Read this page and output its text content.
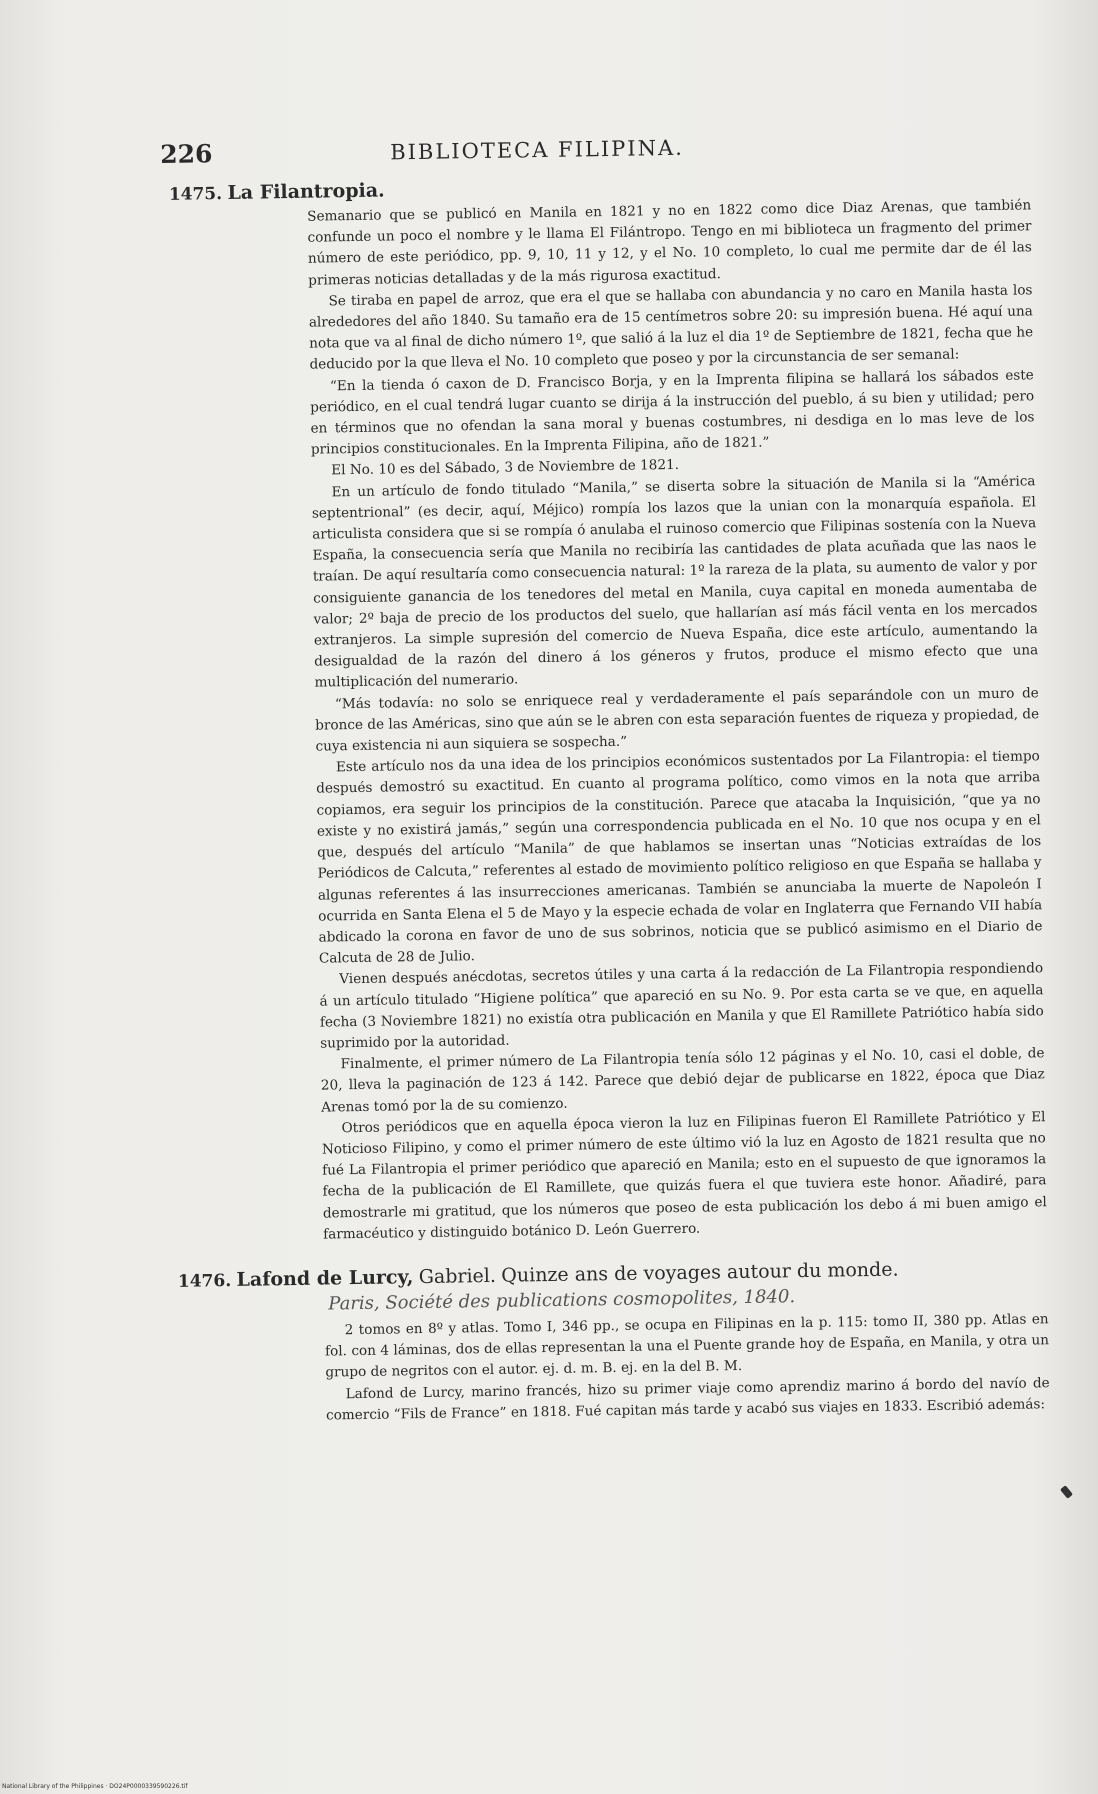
226	BIBLIOTECA FILIPINA.
1475. La Filantropia.

Semanario que se publicó en Manila en 1821 y no en 1822 como dice Diaz Arenas, que también confunde un poco el nombre y le llama El Filántropo. Tengo en mi biblioteca un fragmento del primer número de este periódico, pp. 9, 10, 11 y 12, y el No. 10 completo, lo cual me permite dar de él las primeras noticias detalladas y de la más rigurosa exactitud.

Se tiraba en papel de arroz, que era el que se hallaba con abundancia y no caro en Manila hasta los alrededores del año 1840. Su tamaño era de 15 centímetros sobre 20: su impresión buena. Hé aquí una nota que va al final de dicho número 1º, que salió á la luz el dia 1º de Septiembre de 1821, fecha que he deducido por la que lleva el No. 10 completo que poseo y por la circunstancia de ser semanal:

“En la tienda ó caxon de D. Francisco Borja, y en la Imprenta filipina se hallará los sábados este periódico, en el cual tendrá lugar cuanto se dirija á la instrucción del pueblo, á su bien y utilidad; pero en términos que no ofendan la sana moral y buenas costumbres, ni desdiga en lo mas leve de los principios constitucionales. En la Imprenta Filipina, año de 1821.”

El No. 10 es del Sábado, 3 de Noviembre de 1821.

En un artículo de fondo titulado “Manila,” se diserta sobre la situación de Manila si la “América septentrional” (es decir, aquí, Méjico) rompía los lazos que la unian con la monarquía española. El articulista considera que si se rompía ó anulaba el ruinoso comercio que Filipinas sostenía con la Nueva España, la consecuencia sería que Manila no recibiría las cantidades de plata acuñada que las naos le traían. De aquí resultaría como consecuencia natural: 1º la rareza de la plata, su aumento de valor y por consiguiente ganancia de los tenedores del metal en Manila, cuya capital en moneda aumentaba de valor; 2º baja de precio de los productos del suelo, que hallarían así más fácil venta en los mercados extranjeros. La simple supresión del comercio de Nueva España, dice este artículo, aumentando la desigualdad de la razón del dinero á los géneros y frutos, produce el mismo efecto que una multiplicación del numerario.

“Más todavía: no solo se enriquece real y verdaderamente el país separándole con un muro de bronce de las Américas, sino que aún se le abren con esta separación fuentes de riqueza y propiedad, de cuya existencia ni aun siquiera se sospecha.”

Este artículo nos da una idea de los principios económicos sustentados por La Filantropia: el tiempo después demostró su exactitud. En cuanto al programa político, como vimos en la nota que arriba copiamos, era seguir los principios de la constitución. Parece que atacaba la Inquisición, “que ya no existe y no existirá jamás,” según una correspondencia publicada en el No. 10 que nos ocupa y en el que, después del artículo “Manila” de que hablamos se insertan unas “Noticias extraídas de los Periódicos de Calcuta,” referentes al estado de movimiento político religioso en que España se hallaba y algunas referentes á las insurrecciones americanas. También se anunciaba la muerte de Napoleón I ocurrida en Santa Elena el 5 de Mayo y la especie echada de volar en Inglaterra que Fernando VII había abdicado la corona en favor de uno de sus sobrinos, noticia que se publicó asimismo en el Diario de Calcuta de 28 de Julio.

Vienen después anécdotas, secretos útiles y una carta á la redacción de La Filantropia respondiendo á un artículo titulado “Higiene política” que apareció en su No. 9. Por esta carta se ve que, en aquella fecha (3 Noviembre 1821) no existía otra publicación en Manila y que El Ramillete Patriótico había sido suprimido por la autoridad.

Finalmente, el primer número de La Filantropia tenía sólo 12 páginas y el No. 10, casi el doble, de 20, lleva la paginación de 123 á 142. Parece que debió dejar de publicarse en 1822, época que Diaz Arenas tomó por la de su comienzo.

Otros periódicos que en aquella época vieron la luz en Filipinas fueron El Ramillete Patriótico y El Noticioso Filipino, y como el primer número de este último vió la luz en Agosto de 1821 resulta que no fué La Filantropia el primer periódico que apareció en Manila; esto en el supuesto de que ignoramos la fecha de la publicación de El Ramillete, que quizás fuera el que tuviera este honor. Añadiré, para demostrarle mi gratitud, que los números que poseo de esta publicación los debo á mi buen amigo el farmacéutico y distinguido botánico D. León Guerrero.

1476. Lafond de Lurcy, Gabriel. Quinze ans de voyages autour du monde.
Paris, Société des publications cosmopolites, 1840.

2 tomos en 8º y atlas. Tomo I, 346 pp., se ocupa en Filipinas en la p. 115: tomo II, 380 pp. Atlas en fol. con 4 láminas, dos de ellas representan la una el Puente grande hoy de España, en Manila, y otra un grupo de negritos con el autor. ej. d. m. B. ej. en la del B. M.

Lafond de Lurcy, marino francés, hizo su primer viaje como aprendiz marino á bordo del navío de comercio “Fils de France” en 1818. Fué capitan más tarde y acabó sus viajes en 1833. Escribió además:

National Library of the Philippines · DO24P0000339590226.tif
